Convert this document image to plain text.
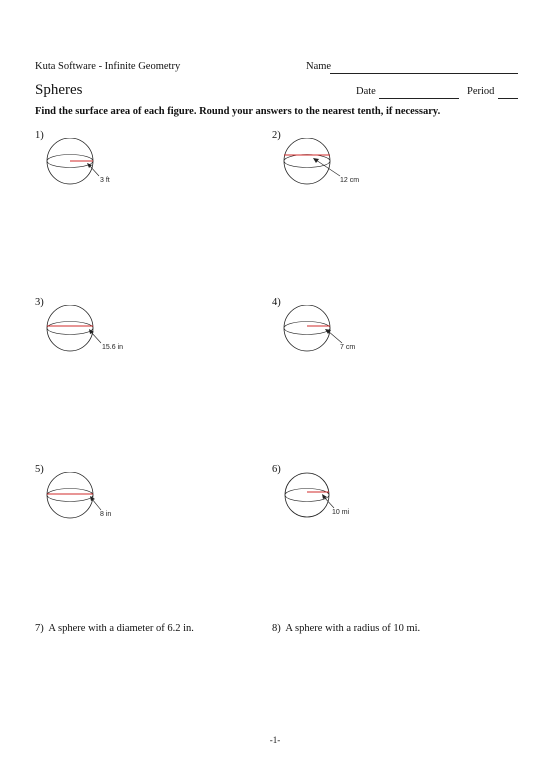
Kuta Software - Infinite Geometry	Name
Spheres	Date	Period
Find the surface area of each figure. Round your answers to the nearest tenth, if necessary.
1)
3 ft
2)
12 cm
3)
15.6 in
4)
7 cm
5)
8 in
6)
10 mi
7) A sphere with a diameter of 6.2 in.	8) A sphere with a radius of 10 mi.
-1-
